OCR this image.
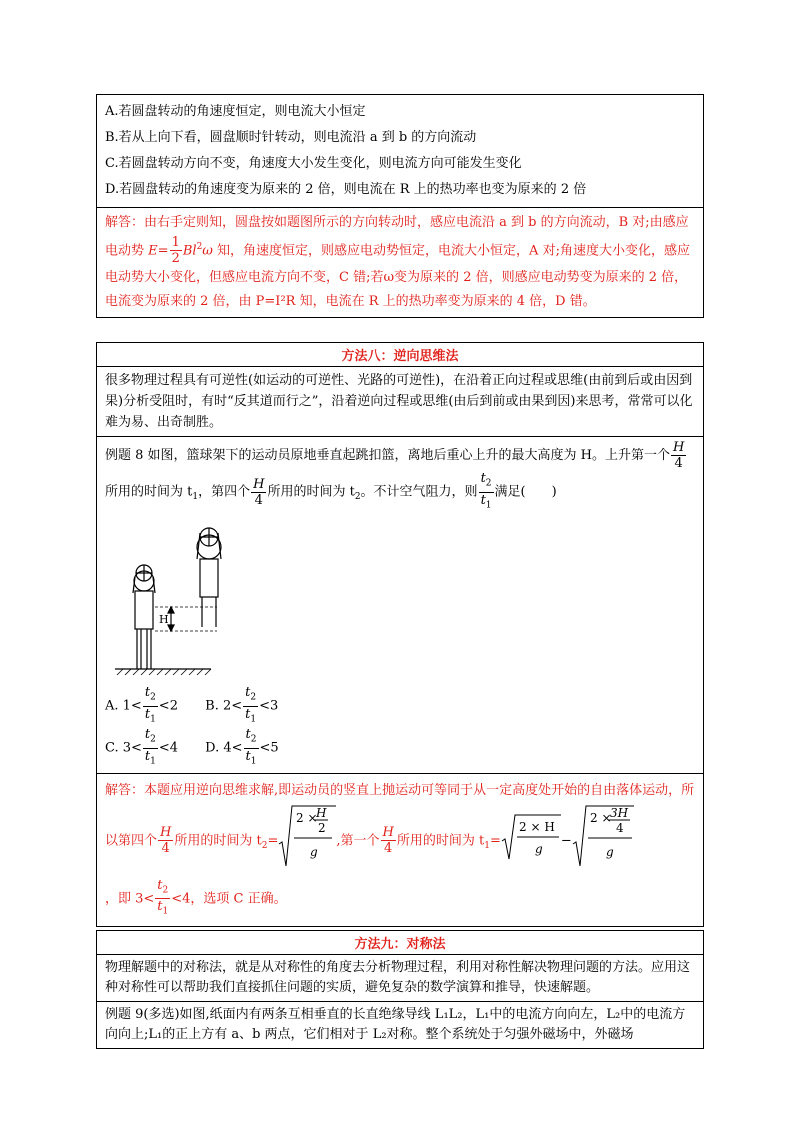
A.若圆盘转动的角速度恒定，则电流大小恒定
B.若从上向下看，圆盘顺时针转动，则电流沿 a 到 b 的方向流动
C.若圆盘转动方向不变，角速度大小发生变化，则电流方向可能发生变化
D.若圆盘转动的角速度变为原来的 2 倍，则电流在 R 上的热功率也变为原来的 2 倍
解答：由右手定则知，圆盘按如题图所示的方向转动时，感应电流沿 a 到 b 的方向流动，B 对;由感应电动势 $E= \frac{1}{2} Bl^2\omega$ 知，角速度恒定，则感应电动势恒定，电流大小恒定，A 对;角速度大小变化，感应电动势大小变化，但感应电流方向不变，C 错;若ω变为原来的 2 倍，则感应电动势变为原来的 2 倍，电流变为原来的 2 倍，由 P=I²R 知，电流在 R 上的热功率变为原来的 4 倍，D 错。
方法八：逆向思维法
很多物理过程具有可逆性(如运动的可逆性、光路的可逆性)，在沿着正向过程或思维(由前到后或由因到果)分析受阻时，有时“反其道而行之”，沿着逆向过程或思维(由后到前或由果到因)来思考，常常可以化难为易、出奇制胜。
例题 8 如图，篮球架下的运动员原地垂直起跳扣篮，离地后重心上升的最大高度为 H。上升第一个 $\frac{H}{4}$
所用的时间为 $t_1$，第四个 $\frac{H}{4}$ 所用的时间为 $t_2$。不计空气阻力，则 $\frac{t_2}{t_1}$ 满足(　　)
H
A. $1< \frac{t_2}{t_1} <2$ B. $2< \frac{t_2}{t_1} <3$
C. $3< \frac{t_2}{t_1} <4$ D. $4< \frac{t_2}{t_1} <5$
解答：本题应用逆向思维求解,即运动员的竖直上抛运动可等同于从一定高度处开始的自由落体运动，所以第四个 $\frac{H}{4}$ 所用的时间为 $t_2=$
2 ×
H
2
g
,第一个 $\frac{H}{4}$ 所用的时间为 $t_1=$
2 × H
g
−
2 ×
3H
4
g

，即 $3< \frac{t_2}{t_1} <4$，选项 C 正确。
方法九：对称法
物理解题中的对称法，就是从对称性的角度去分析物理过程，利用对称性解决物理问题的方法。应用这种对称性可以帮助我们直接抓住问题的实质，避免复杂的数学演算和推导，快速解题。
例题 9(多选)如图,纸面内有两条互相垂直的长直绝缘导线 L₁L₂，L₁中的电流方向向左，L₂中的电流方向向上;L₁的正上方有 a、b 两点，它们相对于 L₂对称。整个系统处于匀强外磁场中，外磁场
